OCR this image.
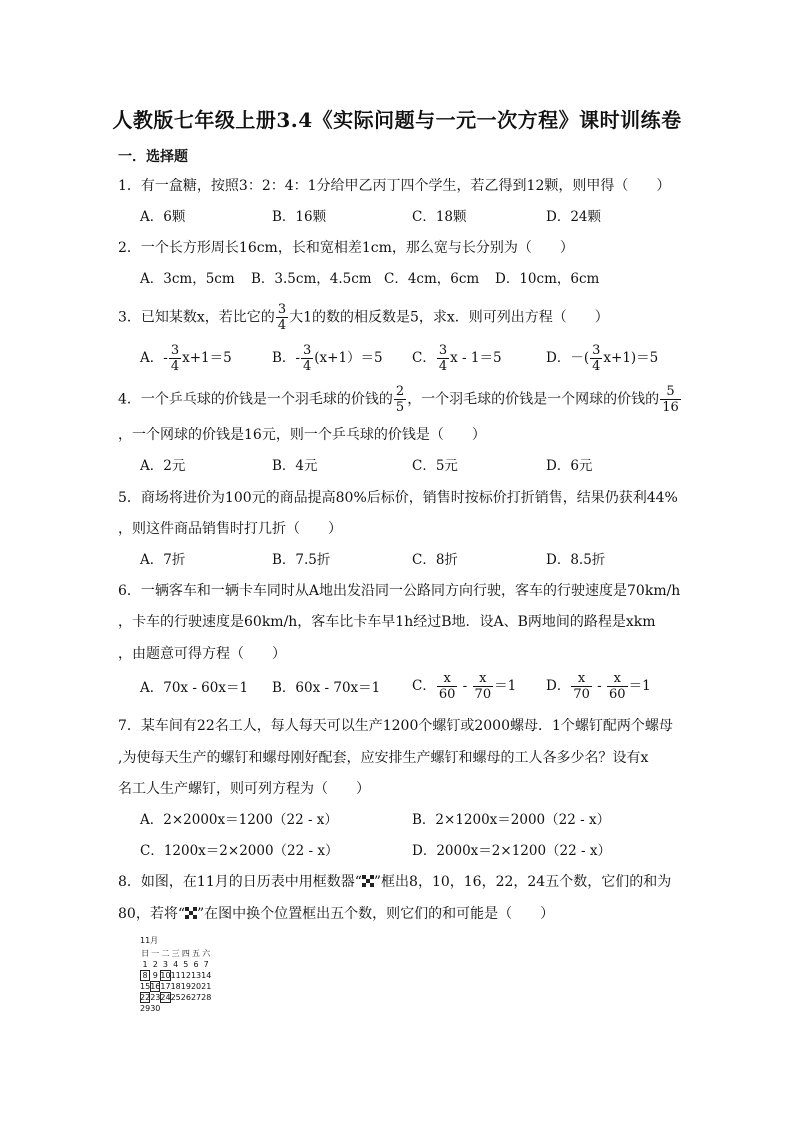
人教版七年级上册3.4《实际问题与一元一次方程》课时训练卷
一．选择题
1．有一盒糖，按照3：2：4：1分给甲乙丙丁四个学生，若乙得到12颗，则甲得（　　）
A．6颗	B．16颗	C．18颗	D．24颗
2．一个长方形周长16cm，长和宽相差1cm，那么宽与长分别为（　　）
A．3cm，5cm B．3.5cm，4.5cm C．4cm，6cm D．10cm，6cm
3．已知某数x，若比它的 $\frac{3}{4}$ 大1的数的相反数是5，求x．则可列出方程（　　）
A．- $\frac{3}{4} x+1=5$	B．- $\frac{3}{4} (x+1)=5$ C． $\frac{3}{4}$ x - 1＝5	D．－( $\frac{3}{4} x+1)=5$
4．一个乒乓球的价钱是一个羽毛球的价钱的 $\frac{2}{5}$ ，一个羽毛球的价钱是一个网球的价钱的 $\frac{5}{16}$
，一个网球的价钱是16元，则一个乒乓球的价钱是（　　）
A．2元	B．4元	C．5元	D．6元
5．商场将进价为100元的商品提高80%后标价，销售时按标价打折销售，结果仍获利44%
，则这件商品销售时打几折（　　）
A．7折	B．7.5折	C．8折	D．8.5折
6．一辆客车和一辆卡车同时从A地出发沿同一公路同方向行驶，客车的行驶速度是70km/h
，卡车的行驶速度是60km/h，客车比卡车早1h经过B地．设A、B两地间的路程是xkm
，由题意可得方程（　　）
A．70x - 60x＝1 B．60x - 70x＝1 C． $\frac{x}{60} - \frac{x}{70} =1$ D． $\frac{x}{70} - \frac{x}{60} =1$
7．某车间有22名工人，每人每天可以生产1200个螺钉或2000螺母．1个螺钉配两个螺母
,为使每天生产的螺钉和螺母刚好配套，应安排生产螺钉和螺母的工人各多少名？设有x
名工人生产螺钉，则可列方程为（　　）
A．2×2000x＝1200（22 - x）	B．2×1200x＝2000（22 - x）
C．1200x＝2×2000（22 - x）	D．2000x＝2×1200（22 - x）
8．如图，在11月的日历表中用框数器“ ”框出8，10，16，22，24五个数，它们的和为
80，若将“ ”在图中换个位置框出五个数，则它们的和可能是（　　）
11月
日	一	二	三	四	五	六
1	2	3	4	5	6	7
8	9	10	11	12	13	14
15	16	17	18	19	20	21
22	23	24	25	26	27	28
29	30					
